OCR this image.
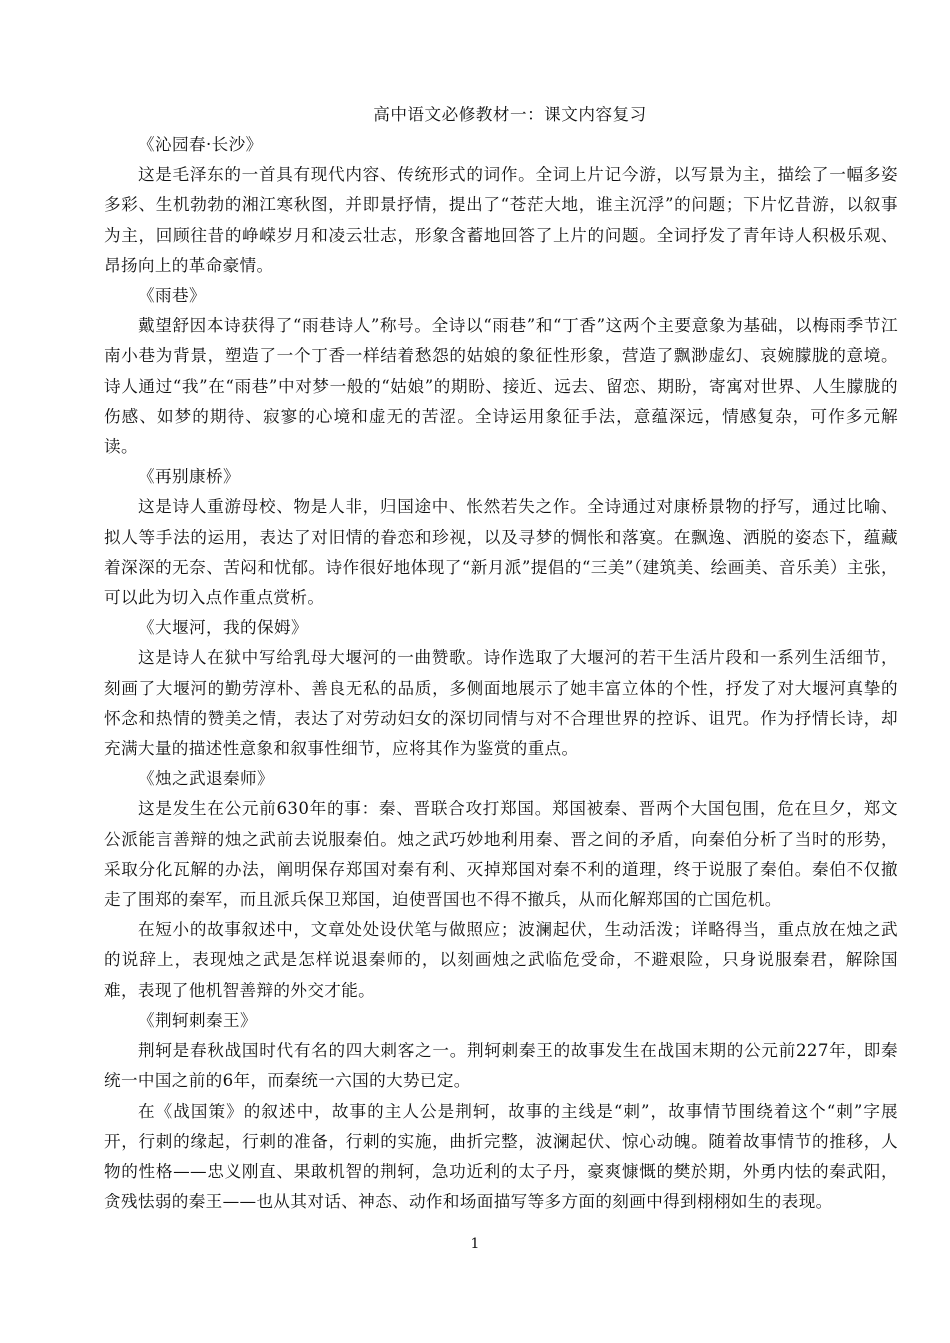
高中语文必修教材一：课文内容复习

《沁园春·长沙》

这是毛泽东的一首具有现代内容、传统形式的词作。全词上片记今游，以写景为主，描绘了一幅多姿多彩、生机勃勃的湘江寒秋图，并即景抒情，提出了“苍茫大地，谁主沉浮”的问题；下片忆昔游，以叙事为主，回顾往昔的峥嵘岁月和凌云壮志，形象含蓄地回答了上片的问题。全词抒发了青年诗人积极乐观、昂扬向上的革命豪情。

《雨巷》

戴望舒因本诗获得了“雨巷诗人”称号。全诗以“雨巷”和“丁香”这两个主要意象为基础，以梅雨季节江南小巷为背景，塑造了一个丁香一样结着愁怨的姑娘的象征性形象，营造了飘渺虚幻、哀婉朦胧的意境。诗人通过“我”在“雨巷”中对梦一般的“姑娘”的期盼、接近、远去、留恋、期盼，寄寓对世界、人生朦胧的伤感、如梦的期待、寂寥的心境和虚无的苦涩。全诗运用象征手法，意蕴深远，情感复杂，可作多元解读。

《再别康桥》

这是诗人重游母校、物是人非，归国途中、怅然若失之作。全诗通过对康桥景物的抒写，通过比喻、拟人等手法的运用，表达了对旧情的眷恋和珍视，以及寻梦的惆怅和落寞。在飘逸、洒脱的姿态下，蕴藏着深深的无奈、苦闷和忧郁。诗作很好地体现了“新月派”提倡的“三美”（建筑美、绘画美、音乐美）主张，可以此为切入点作重点赏析。

《大堰河，我的保姆》

这是诗人在狱中写给乳母大堰河的一曲赞歌。诗作选取了大堰河的若干生活片段和一系列生活细节，刻画了大堰河的勤劳淳朴、善良无私的品质，多侧面地展示了她丰富立体的个性，抒发了对大堰河真挚的怀念和热情的赞美之情，表达了对劳动妇女的深切同情与对不合理世界的控诉、诅咒。作为抒情长诗，却充满大量的描述性意象和叙事性细节，应将其作为鉴赏的重点。

《烛之武退秦师》

这是发生在公元前630年的事：秦、晋联合攻打郑国。郑国被秦、晋两个大国包围，危在旦夕，郑文公派能言善辩的烛之武前去说服秦伯。烛之武巧妙地利用秦、晋之间的矛盾，向秦伯分析了当时的形势，采取分化瓦解的办法，阐明保存郑国对秦有利、灭掉郑国对秦不利的道理，终于说服了秦伯。秦伯不仅撤走了围郑的秦军，而且派兵保卫郑国，迫使晋国也不得不撤兵，从而化解郑国的亡国危机。

在短小的故事叙述中，文章处处设伏笔与做照应；波澜起伏，生动活泼；详略得当，重点放在烛之武的说辞上，表现烛之武是怎样说退秦师的，以刻画烛之武临危受命，不避艰险，只身说服秦君，解除国难，表现了他机智善辩的外交才能。

《荆轲刺秦王》

荆轲是春秋战国时代有名的四大刺客之一。荆轲刺秦王的故事发生在战国末期的公元前227年，即秦统一中国之前的6年，而秦统一六国的大势已定。

在《战国策》的叙述中，故事的主人公是荆轲，故事的主线是“刺”，故事情节围绕着这个“刺”字展开，行刺的缘起，行刺的准备，行刺的实施，曲折完整，波澜起伏、惊心动魄。随着故事情节的推移，人物的性格——忠义刚直、果敢机智的荆轲，急功近利的太子丹，豪爽慷慨的樊於期，外勇内怯的秦武阳，贪残怯弱的秦王——也从其对话、神态、动作和场面描写等多方面的刻画中得到栩栩如生的表现。

1
